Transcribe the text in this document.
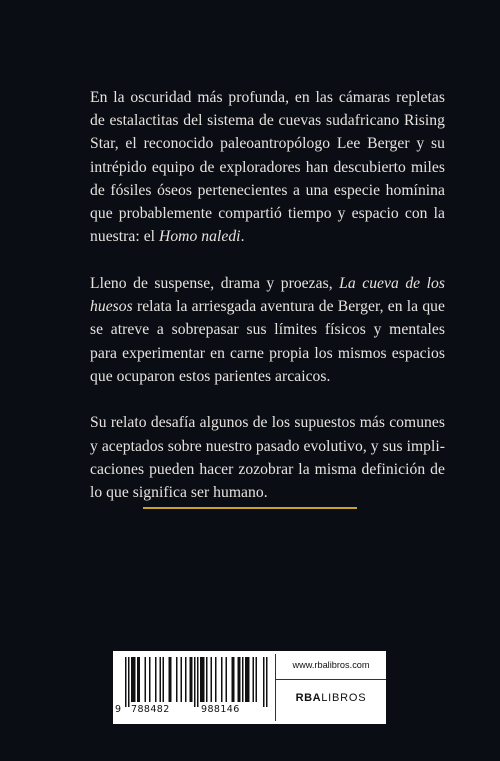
En la oscuridad más profunda, en las cámaras repletas de estalactitas del sistema de cuevas sudafricano Rising Star, el reconocido paleoantropólogo Lee Berger y su intrépido equipo de exploradores han descubierto miles de fósiles óseos pertenecientes a una especie homínina que probablemente compartió tiempo y espacio con la nuestra: el Homo naledi.

Lleno de suspense, drama y proezas, La cueva de los huesos relata la arriesgada aventura de Berger, en la que se atreve a sobrepasar sus límites físicos y mentales para experimentar en carne propia los mismos espacios que ocuparon estos parientes arcaicos.

Su relato desafía algunos de los supuestos más comunes y aceptados sobre nuestro pasado evolutivo, y sus implicaciones pueden hacer zozobrar la misma definición de lo que significa ser humano.

9 788482	988146
www.rbalibros.com
RBALIBROS
